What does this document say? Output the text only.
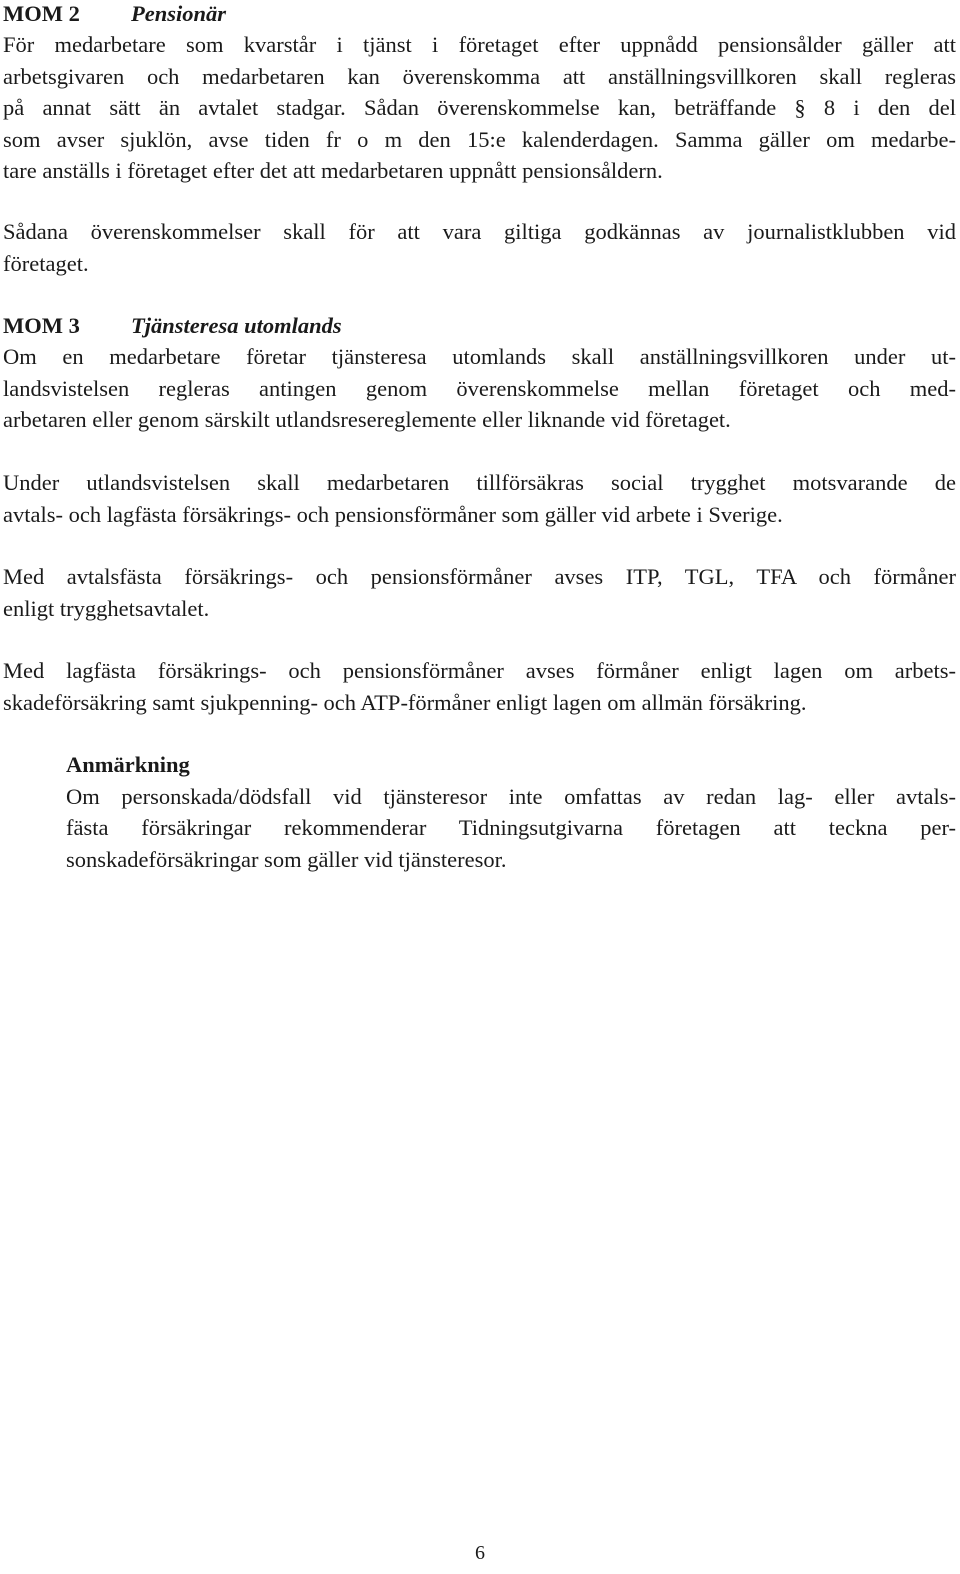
MOM 2 Pensionär
För medarbetare som kvarstår i tjänst i företaget efter uppnådd pensionsålder gäller att
arbetsgivaren och medarbetaren kan överenskomma att anställningsvillkoren skall regleras
på annat sätt än avtalet stadgar. Sådan överenskommelse kan, beträffande § 8 i den del
som avser sjuklön, avse tiden fr o m den 15:e kalenderdagen. Samma gäller om medarbe-
tare anställs i företaget efter det att medarbetaren uppnått pensionsåldern.
Sådana överenskommelser skall för att vara giltiga godkännas av journalistklubben vid
företaget.
MOM 3 Tjänsteresa utomlands
Om en medarbetare företar tjänsteresa utomlands skall anställningsvillkoren under ut-
landsvistelsen regleras antingen genom överenskommelse mellan företaget och med-
arbetaren eller genom särskilt utlandsresereglemente eller liknande vid företaget.
Under utlandsvistelsen skall medarbetaren tillförsäkras social trygghet motsvarande de
avtals- och lagfästa försäkrings- och pensionsförmåner som gäller vid arbete i Sverige.
Med avtalsfästa försäkrings- och pensionsförmåner avses ITP, TGL, TFA och förmåner
enligt trygghetsavtalet.
Med lagfästa försäkrings- och pensionsförmåner avses förmåner enligt lagen om arbets-
skadeförsäkring samt sjukpenning- och ATP-förmåner enligt lagen om allmän försäkring.
Anmärkning
Om personskada/dödsfall vid tjänsteresor inte omfattas av redan lag- eller avtals-
fästa försäkringar rekommenderar Tidningsutgivarna företagen att teckna per-
sonskadeförsäkringar som gäller vid tjänsteresor.
6
